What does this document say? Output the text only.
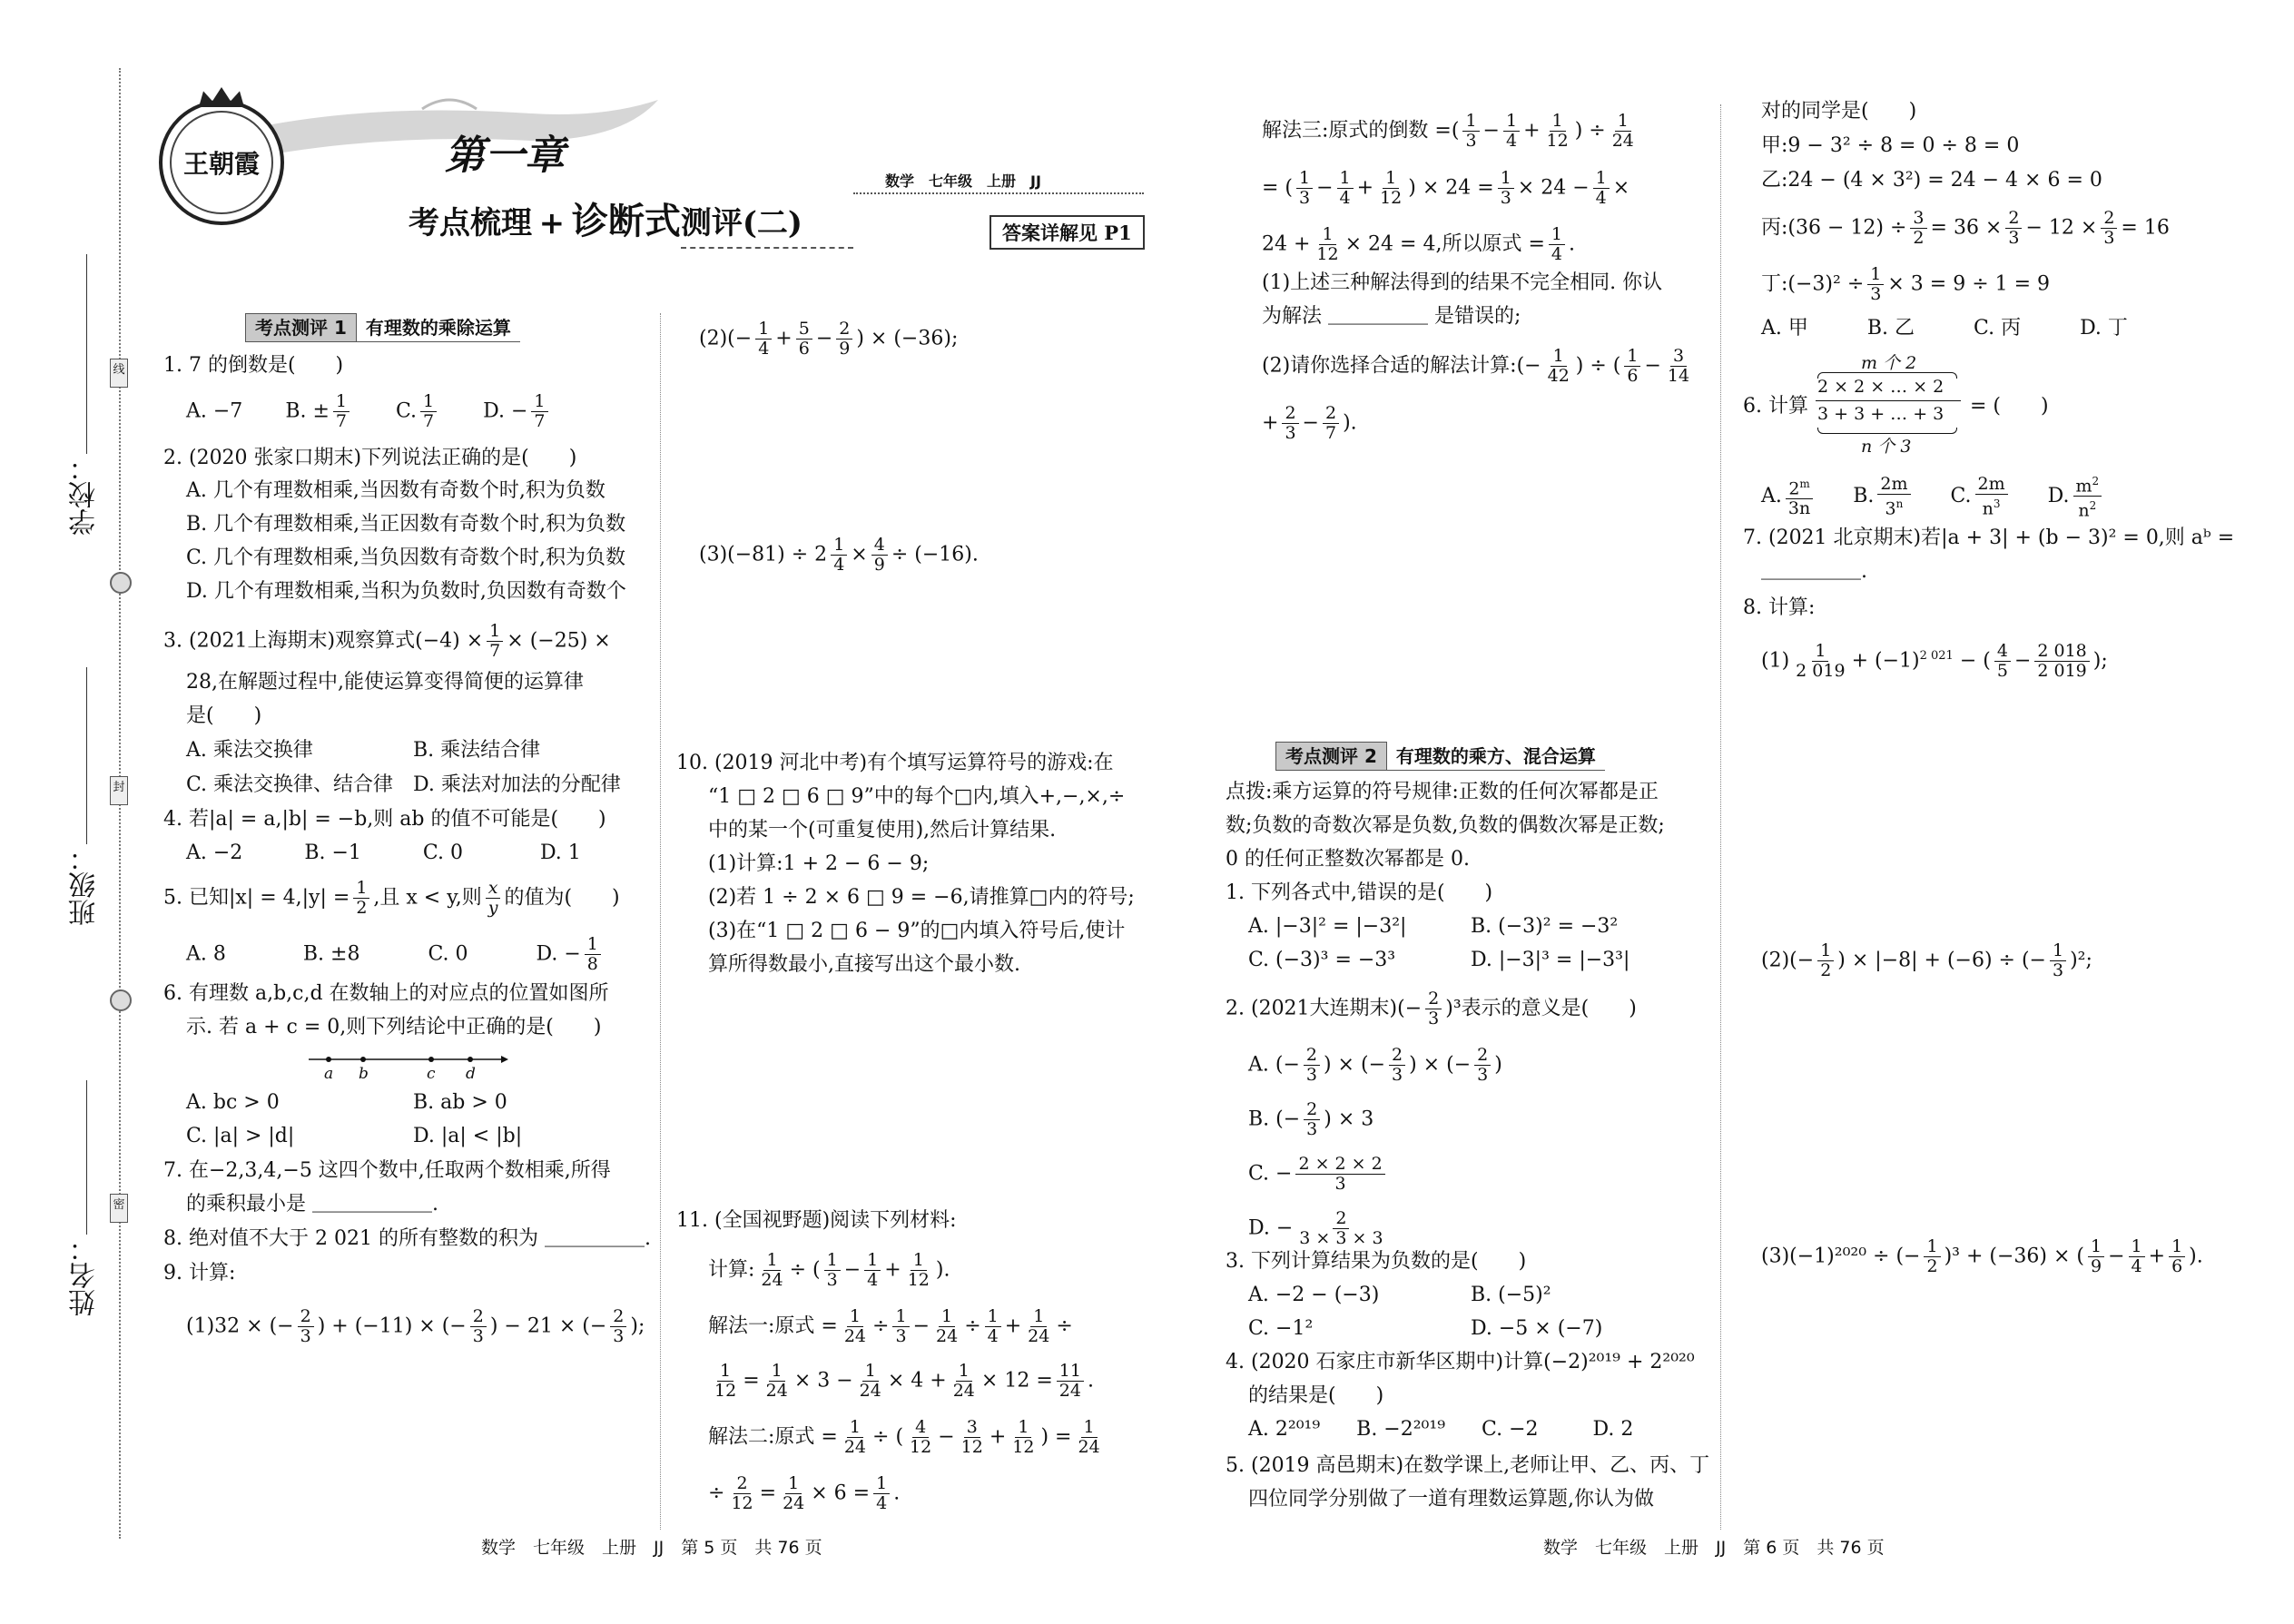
学校：
班级：
姓名：
线
封
密
王朝霞	第一章
考点梳理 + 诊断式测评(二)
数学　七年级　上册　JJ
答案详解见 P1
考点测评 1	有理数的乘除运算
1. 7 的倒数是(　　)
A. −7 B. ± $\frac{1}{7} C$. $\frac{1}{7} D$. − $\frac{1}{7}$
2. (2020 张家口期末)下列说法正确的是(　　)
A. 几个有理数相乘,当因数有奇数个时,积为负数
B. 几个有理数相乘,当正因数有奇数个时,积为负数
C. 几个有理数相乘,当负因数有奇数个时,积为负数
D. 几个有理数相乘,当积为负数时,负因数有奇数个
3. (2021上海期末)观察算式$(-4) \times \frac{1}{7} \times (-25)$ ×
28,在解题过程中,能使运算变得简便的运算律
是(　　)
A. 乘法交换律	B. 乘法结合律
C. 乘法交换律、结合律 D. 乘法对加法的分配律
4. 若|a| = a,|b| = −b,则 ab 的值不可能是(　　)
A. −2	B. −1	C. 0	D. 1
5. 已知$|x| = 4,|y| = \frac{1}{2}$ ,且 x < y,则 $\frac{x}{y}$ 的值为(　　)
A. 8	B. ±8	C. 0	D. − $\frac{1}{8}$
6. 有理数 a,b,c,d 在数轴上的对应点的位置如图所
示. 若 a + c = 0,则下列结论中正确的是(　　)
a b	c d
A. bc > 0	B. ab > 0
C. |a| > |d|	D. |a| < |b|
7. 在−2,3,4,−5 这四个数中,任取两个数相乘,所得
的乘积最小是 ＿＿＿＿＿＿.
8. 绝对值不大于 2 021 的所有整数的积为 ＿＿＿＿＿.
9. 计算:
(1)32 × (− $\frac{2}{3}$ ) + (−11) × (− $\frac{2}{3}$ ) − 21 × (− $\frac{2}{3}$ );
$(2)(- \frac{1}{4} + \frac{5}{6} - \frac{2}{9}$ ) × (−36);
$(3)(-81) \div 2 \frac{1}{4} \times \frac{4}{9} \div (-16)$.
10. (2019 河北中考)有个填写运算符号的游戏:在
“1 □ 2 □ 6 □ 9”中的每个□内,填入+,−,×,÷
中的某一个(可重复使用),然后计算结果.
(1)计算:1 + 2 − 6 − 9;
(2)若 1 ÷ 2 × 6 □ 9 = −6,请推算□内的符号;
(3)在“1 □ 2 □ 6 − 9”的□内填入符号后,使计
算所得数最小,直接写出这个最小数.
11. (全国视野题)阅读下列材料:
计算: $\frac{1}{24}$ ÷ ( $\frac{1}{3} - \frac{1}{4} + \frac{1}{12}$ ).
解法一:原式 = $\frac{1}{24} \div \frac{1}{3} - \frac{1}{24} \div \frac{1}{4} + \frac{1}{24}$ ÷
$\frac{1}{12} = \frac{1}{24} \times 3 - \frac{1}{24} \times 4 + \frac{1}{24} \times 12 = \frac{11}{24}$ .
解法二:原式 = $\frac{1}{24}$ ÷ ( $\frac{4}{12} - \frac{3}{12} + \frac{1}{12}$ ) = $\frac{1}{24}$
÷ $\frac{2}{12} = \frac{1}{24} \times 6 = \frac{1}{4}$ .
解法三:原式的倒数 =( $\frac{1}{3} - \frac{1}{4} + \frac{1}{12}$ ) ÷ $\frac{1}{24}$
= ( $\frac{1}{3} - \frac{1}{4} + \frac{1}{12}$ ) × $24 = \frac{1}{3} \times 24 - \frac{1}{4}$ ×
$24 + \frac{1}{12} \times 24 = 4$,所以原式 = $\frac{1}{4}$ .
(1)上述三种解法得到的结果不完全相同. 你认
为解法 ＿＿＿＿＿ 是错误的;
(2)请你选择合适的解法计算:(− $\frac{1}{42}$ ) ÷ ( $\frac{1}{6} - \frac{3}{14}$
+ $\frac{2}{3} - \frac{2}{7}$ ).
考点测评 2	有理数的乘方、混合运算
点拨:乘方运算的符号规律:正数的任何次幂都是正
数;负数的奇数次幂是负数,负数的偶数次幂是正数;
0 的任何正整数次幂都是 0.
1. 下列各式中,错误的是(　　)
A. |−3|² = |−3²|	B. (−3)² = −3²
C. (−3)³ = −3³	D. |−3|³ = |−3³|
2. (2021大连期末)(− $\frac{2}{3} )^3$表示的意义是(　　)
A. (− $\frac{2}{3}$ ) × (− $\frac{2}{3}$ ) × (− $\frac{2}{3}$ )
B. (− $\frac{2}{3}$ ) × 3
C. − $\frac{2 \times 2 \times 2}{3}$
D. − $\frac{2}{3 \times 3 \times 3}$
3. 下列计算结果为负数的是(　　)
A. −2 − (−3)	B. (−5)²
C. −1²	D. −5 × (−7)
4. (2020 石家庄市新华区期中)计算(−2)²⁰¹⁹ + 2²⁰²⁰
的结果是(　　)
A. 2²⁰¹⁹ B. −2²⁰¹⁹ C. −2	D. 2
5. (2019 高邑期末)在数学课上,老师让甲、乙、丙、丁
四位同学分别做了一道有理数运算题,你认为做
对的同学是(　　)
甲:9 − 3² ÷ 8 = 0 ÷ 8 = 0
乙:24 − (4 × 3²) = 24 − 4 × 6 = 0
丙:(36 − $12) \div \frac{3}{2} = 36 \times \frac{2}{3} - 12 \times \frac{2}{3} = 16$
丁:(−3)² ÷ $\frac{1}{3} \times 3 = 9 \div 1 = 9$
A. 甲	B. 乙	C. 丙	D. 丁
6. 计算
m 个 2
2 × 2 × … × 2
3 + 3 + … + 3
n 个 3
= (　　)
A. $\frac{2^m}{3n} B$. $\frac{2m}{3^n} C$. $\frac{2m}{n^3} D$. $\frac{m^2}{n^2}$
7. (2021 北京期末)若|a + 3| + (b − 3)² = 0,则 aᵇ =
＿＿＿＿＿.
8. 计算:
$(1) \frac{1}{2 019} + (-1)^{2 021}$ − ( $\frac{4}{5} - \frac{2 018}{2 019}$ );
$(2)(- \frac{1}{2}$ ) × |−8| + (−6) ÷ (− $\frac{1}{3} )^2$;
(3)(−1)²⁰²⁰ ÷ (− $\frac{1}{2} )^3 + (-36)$ × ( $\frac{1}{9} - \frac{1}{4} + \frac{1}{6}$ ).
数学　七年级　上册　JJ　第 5 页　共 76 页	数学　七年级　上册　JJ　第 6 页　共 76 页
